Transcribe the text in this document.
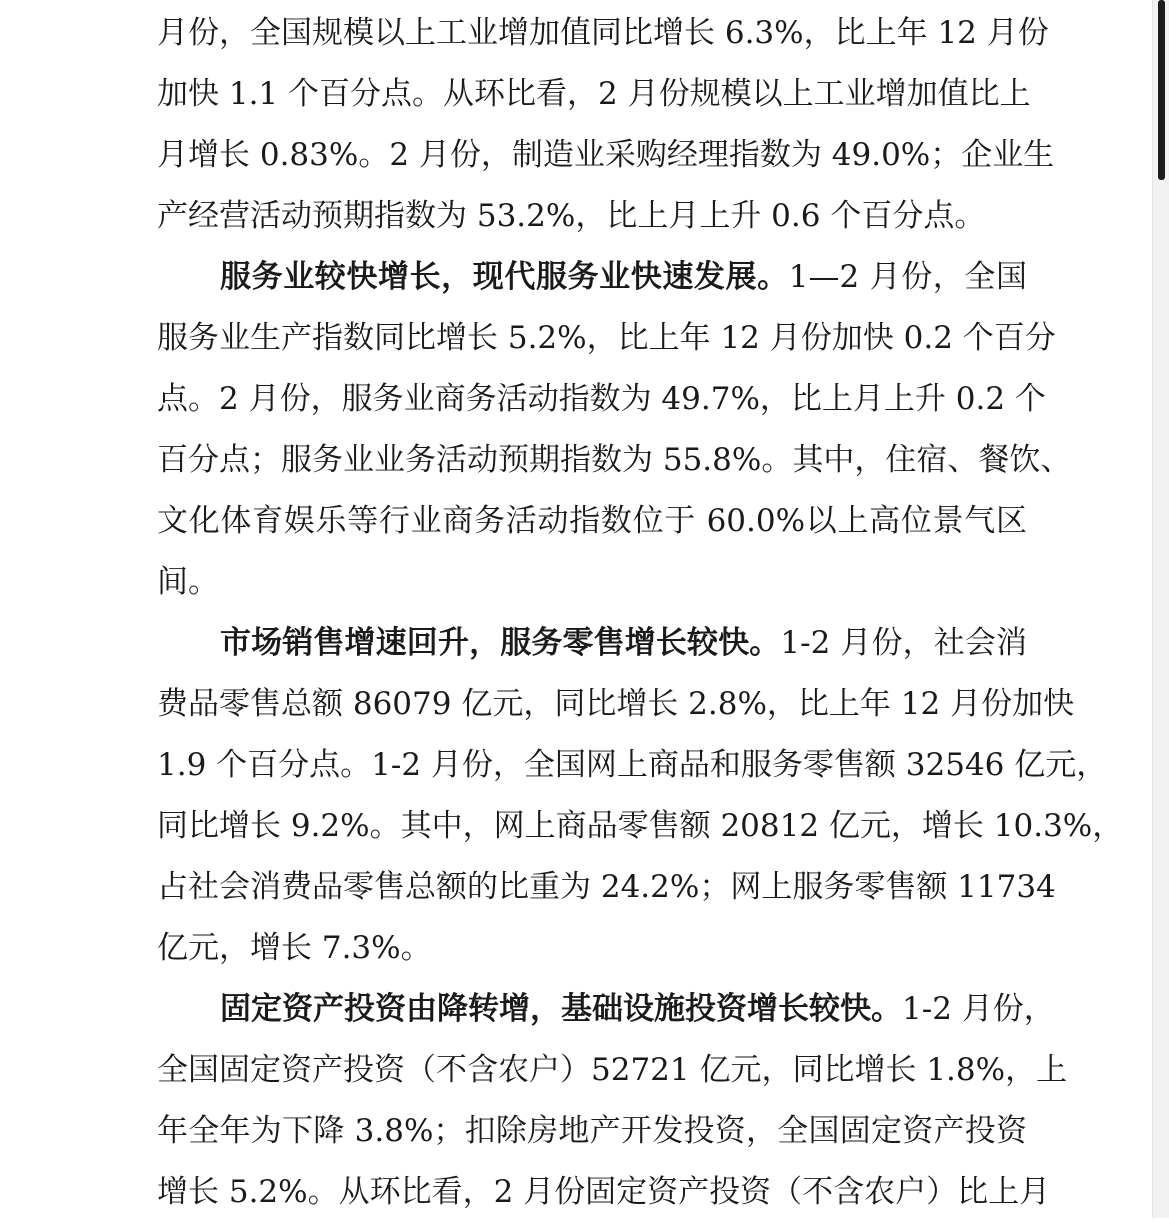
月份，全国规模以上工业增加值同比增长 6.3%，比上年 12 月份
加快 1.1 个百分点。从环比看，2 月份规模以上工业增加值比上
月增长 0.83%。2 月份，制造业采购经理指数为 49.0%；企业生
产经营活动预期指数为 53.2%，比上月上升 0.6 个百分点。
服务业较快增长，现代服务业快速发展。1—2 月份，全国
服务业生产指数同比增长 5.2%，比上年 12 月份加快 0.2 个百分
点。2 月份，服务业商务活动指数为 49.7%，比上月上升 0.2 个
百分点；服务业业务活动预期指数为 55.8%。其中，住宿、餐饮、
文化体育娱乐等行业商务活动指数位于 60.0%以上高位景气区
间。
市场销售增速回升，服务零售增长较快。1-2 月份，社会消
费品零售总额 86079 亿元，同比增长 2.8%，比上年 12 月份加快
1.9 个百分点。1-2 月份，全国网上商品和服务零售额 32546 亿元，
同比增长 9.2%。其中，网上商品零售额 20812 亿元，增长 10.3%，
占社会消费品零售总额的比重为 24.2%；网上服务零售额 11734
亿元，增长 7.3%。
固定资产投资由降转增，基础设施投资增长较快。1-2 月份，
全国固定资产投资（不含农户）52721 亿元，同比增长 1.8%，上
年全年为下降 3.8%；扣除房地产开发投资，全国固定资产投资
增长 5.2%。从环比看，2 月份固定资产投资（不含农户）比上月
